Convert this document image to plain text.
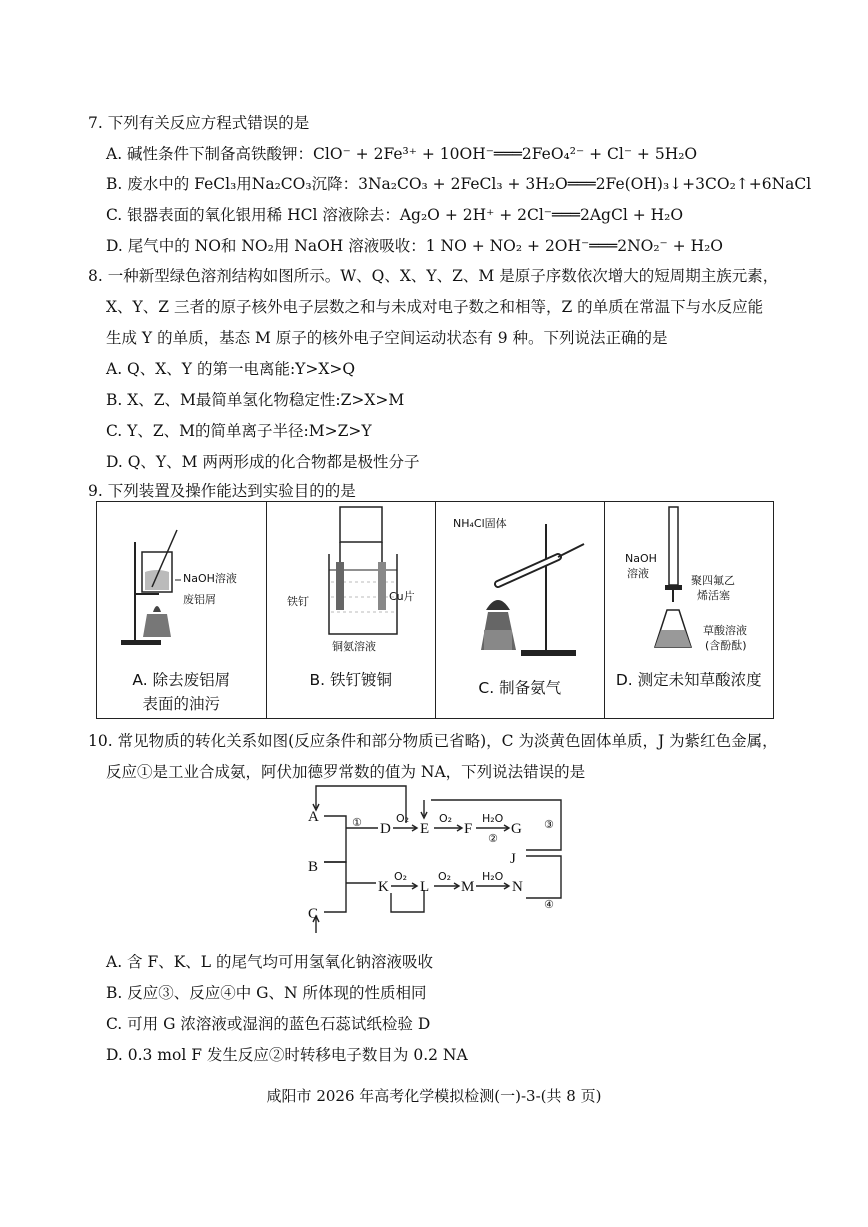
7. 下列有关反应方程式错误的是
A. 碱性条件下制备高铁酸钾：ClO⁻ + 2Fe³⁺ + 10OH⁻═══2FeO₄²⁻ + Cl⁻ + 5H₂O
B. 废水中的 FeCl₃用Na₂CO₃沉降：3Na₂CO₃ + 2FeCl₃ + 3H₂O═══2Fe(OH)₃↓+3CO₂↑+6NaCl
C. 银器表面的氧化银用稀 HCl 溶液除去：Ag₂O + 2H⁺ + 2Cl⁻═══2AgCl + H₂O
D. 尾气中的 NO和 NO₂用 NaOH 溶液吸收：1 NO + NO₂ + 2OH⁻═══2NO₂⁻ + H₂O
8. 一种新型绿色溶剂结构如图所示。W、Q、X、Y、Z、M 是原子序数依次增大的短周期主族元素，
X、Y、Z 三者的原子核外电子层数之和与未成对电子数之和相等，Z 的单质在常温下与水反应能
生成 Y 的单质，基态 M 原子的核外电子空间运动状态有 9 种。下列说法正确的是
A. Q、X、Y 的第一电离能:Y>X>Q
B. X、Z、M最简单氢化物稳定性:Z>X>M
C. Y、Z、M的简单离子半径:M>Z>Y
D. Q、Y、M 两两形成的化合物都是极性分子
9. 下列装置及操作能达到实验目的的是
NaOH溶液
废铝屑
A. 除去废铝屑
表面的油污
铁钉	Cu片
铜氨溶液
B. 铁钉镀铜
NH₄Cl固体
C. 制备氨气
NaOH
溶液
聚四氟乙
烯活塞
草酸溶液
(含酚酞)
D. 测定未知草酸浓度
10. 常见物质的转化关系如图(反应条件和部分物质已省略)，C 为淡黄色固体单质，J 为紫红色金属，
反应①是工业合成氨，阿伏加德罗常数的值为 NA，下列说法错误的是
A
B
C
D E F	G
J
K L M	N
①	O₂	O₂	H₂O
②
③
O₂	O₂	H₂O
④
A. 含 F、K、L 的尾气均可用氢氧化钠溶液吸收
B. 反应③、反应④中 G、N 所体现的性质相同
C. 可用 G 浓溶液或湿润的蓝色石蕊试纸检验 D
D. 0.3 mol F 发生反应②时转移电子数目为 0.2 NA
咸阳市 2026 年高考化学模拟检测(一)-3-(共 8 页)
